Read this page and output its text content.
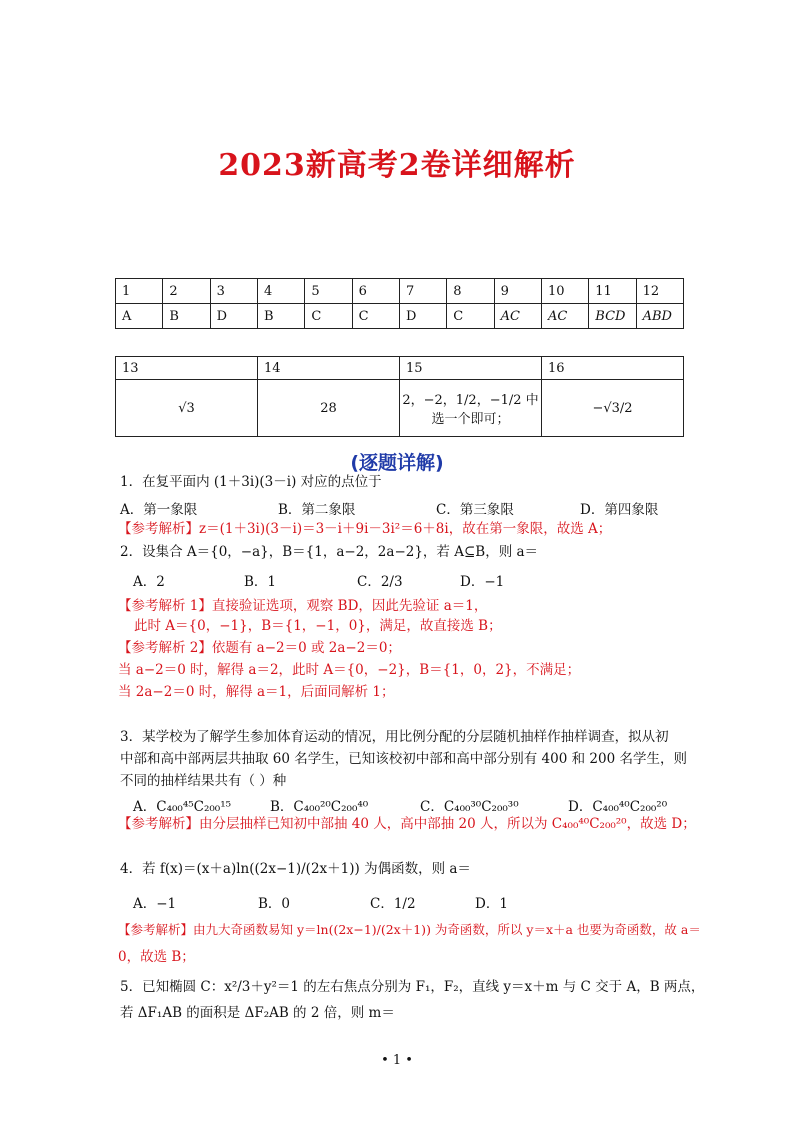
2023新高考2卷详细解析
1	2	3	4	5	6	7	8	9	10	11	12
A	B	D	B	C	C	D	C	AC	AC	BCD	ABD
13	14	15	16
√3	28	2，−2，1/2，−1/2 中选一个即可；	−√3/2
(逐题详解)
1．在复平面内 (1＋3i)(3－i) 对应的点位于
A．第一象限	B．第二象限	C．第三象限	D．第四象限
【参考解析】z＝(1＋3i)(3－i)＝3－i＋9i－3i²＝6＋8i，故在第一象限，故选 A；
2．设集合 A＝{0，−a}，B＝{1，a−2，2a−2}，若 A⊆B，则 a＝
A．2	B．1	C．2/3	D．−1
【参考解析 1】直接验证选项，观察 BD，因此先验证 a＝1，
此时 A＝{0，−1}，B＝{1，−1，0}，满足，故直接选 B；
【参考解析 2】依题有 a−2＝0 或 2a−2＝0；
当 a−2＝0 时，解得 a＝2，此时 A＝{0，−2}，B＝{1，0，2}，不满足；
当 2a−2＝0 时，解得 a＝1，后面同解析 1；
3．某学校为了解学生参加体育运动的情况，用比例分配的分层随机抽样作抽样调查，拟从初
中部和高中部两层共抽取 60 名学生，已知该校初中部和高中部分别有 400 和 200 名学生，则
不同的抽样结果共有（ ）种
A．C₄₀₀⁴⁵C₂₀₀¹⁵	B．C₄₀₀²⁰C₂₀₀⁴⁰	C．C₄₀₀³⁰C₂₀₀³⁰	D．C₄₀₀⁴⁰C₂₀₀²⁰
【参考解析】由分层抽样已知初中部抽 40 人，高中部抽 20 人，所以为 C₄₀₀⁴⁰C₂₀₀²⁰，故选 D；
4．若 f(x)＝(x＋a)ln((2x−1)/(2x＋1)) 为偶函数，则 a＝
A．−1	B．0	C．1/2	D．1
【参考解析】由九大奇函数易知 y＝ln((2x−1)/(2x＋1)) 为奇函数，所以 y＝x＋a 也要为奇函数，故 a＝
0，故选 B；
5．已知椭圆 C：x²/3＋y²＝1 的左右焦点分别为 F₁，F₂，直线 y＝x＋m 与 C 交于 A，B 两点，
若 ΔF₁AB 的面积是 ΔF₂AB 的 2 倍，则 m＝
• 1 •
